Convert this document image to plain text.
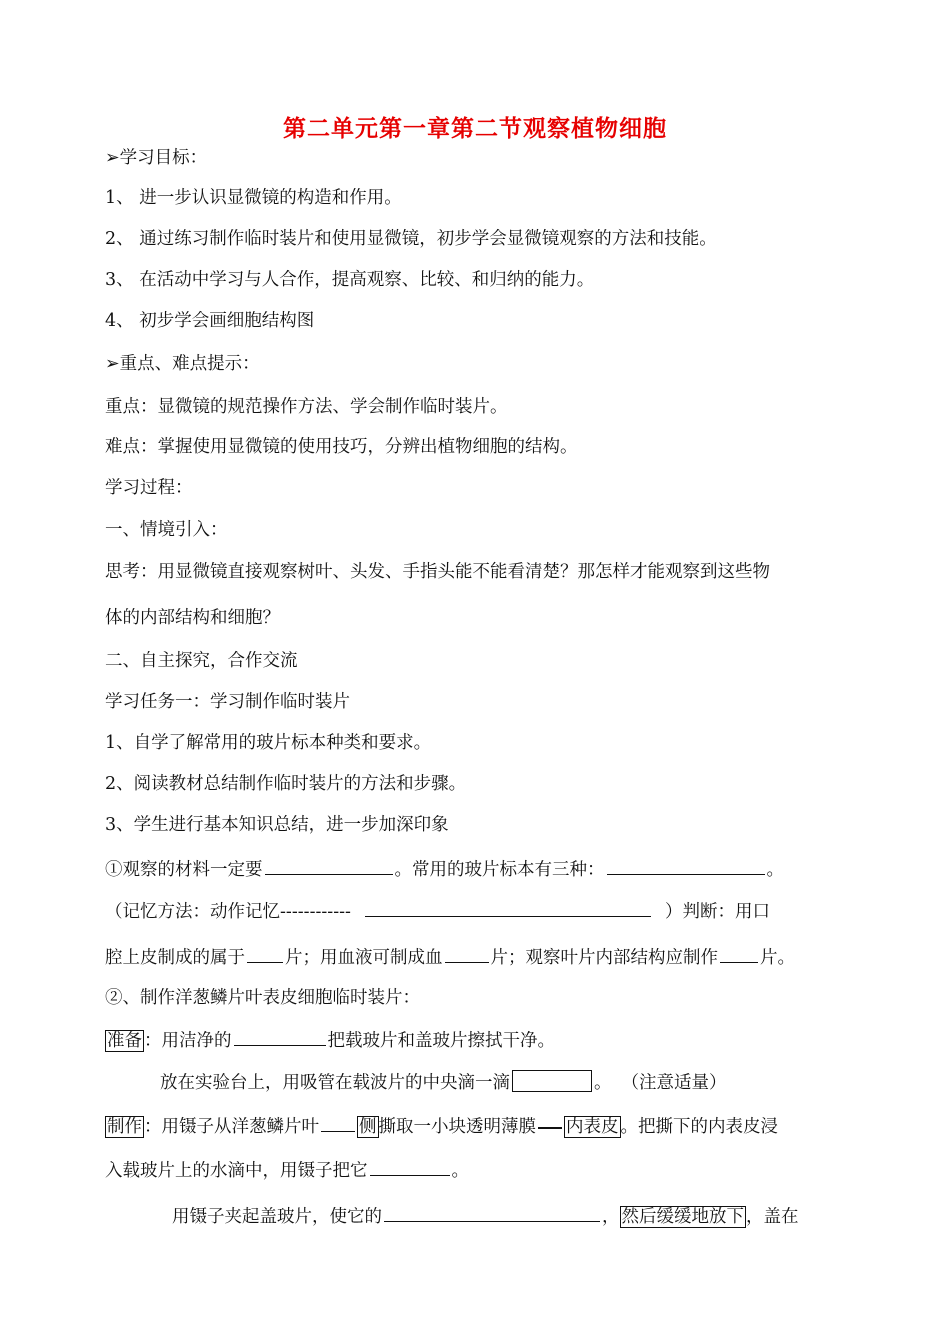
第二单元第一章第二节观察植物细胞
➢学习目标：
1、 进一步认识显微镜的构造和作用。
2、 通过练习制作临时装片和使用显微镜，初步学会显微镜观察的方法和技能。
3、 在活动中学习与人合作，提高观察、比较、和归纳的能力。
4、 初步学会画细胞结构图
➢重点、难点提示：
重点：显微镜的规范操作方法、学会制作临时装片。
难点：掌握使用显微镜的使用技巧，分辨出植物细胞的结构。
学习过程：
一、情境引入：
思考：用显微镜直接观察树叶、头发、手指头能不能看清楚？那怎样才能观察到这些物
体的内部结构和细胞？
二、自主探究，合作交流
学习任务一：学习制作临时装片
1、自学了解常用的玻片标本种类和要求。
2、阅读教材总结制作临时装片的方法和步骤。
3、学生进行基本知识总结，进一步加深印象
①观察的材料一定要	。常用的玻片标本有三种：	。
（记忆方法：动作记忆------------	）判断：用口
腔上皮制成的属于 片；用血液可制成血	片；观察叶片内部结构应制作 片。
②、制作洋葱鳞片叶表皮细胞临时装片：
准备 ：用洁净的	把载玻片和盖玻片擦拭干净。
放在实验台上，用吸管在载波片的中央滴一滴	。 （注意适量）
制作 ：用镊子从洋葱鳞片叶 侧 撕取一小块透明薄膜 内表皮 。把撕下的内表皮浸
入载玻片上的水滴中，用镊子把它	。
用镊子夹起盖玻片，使它的	， 然后缓缓地放下 ，盖在
